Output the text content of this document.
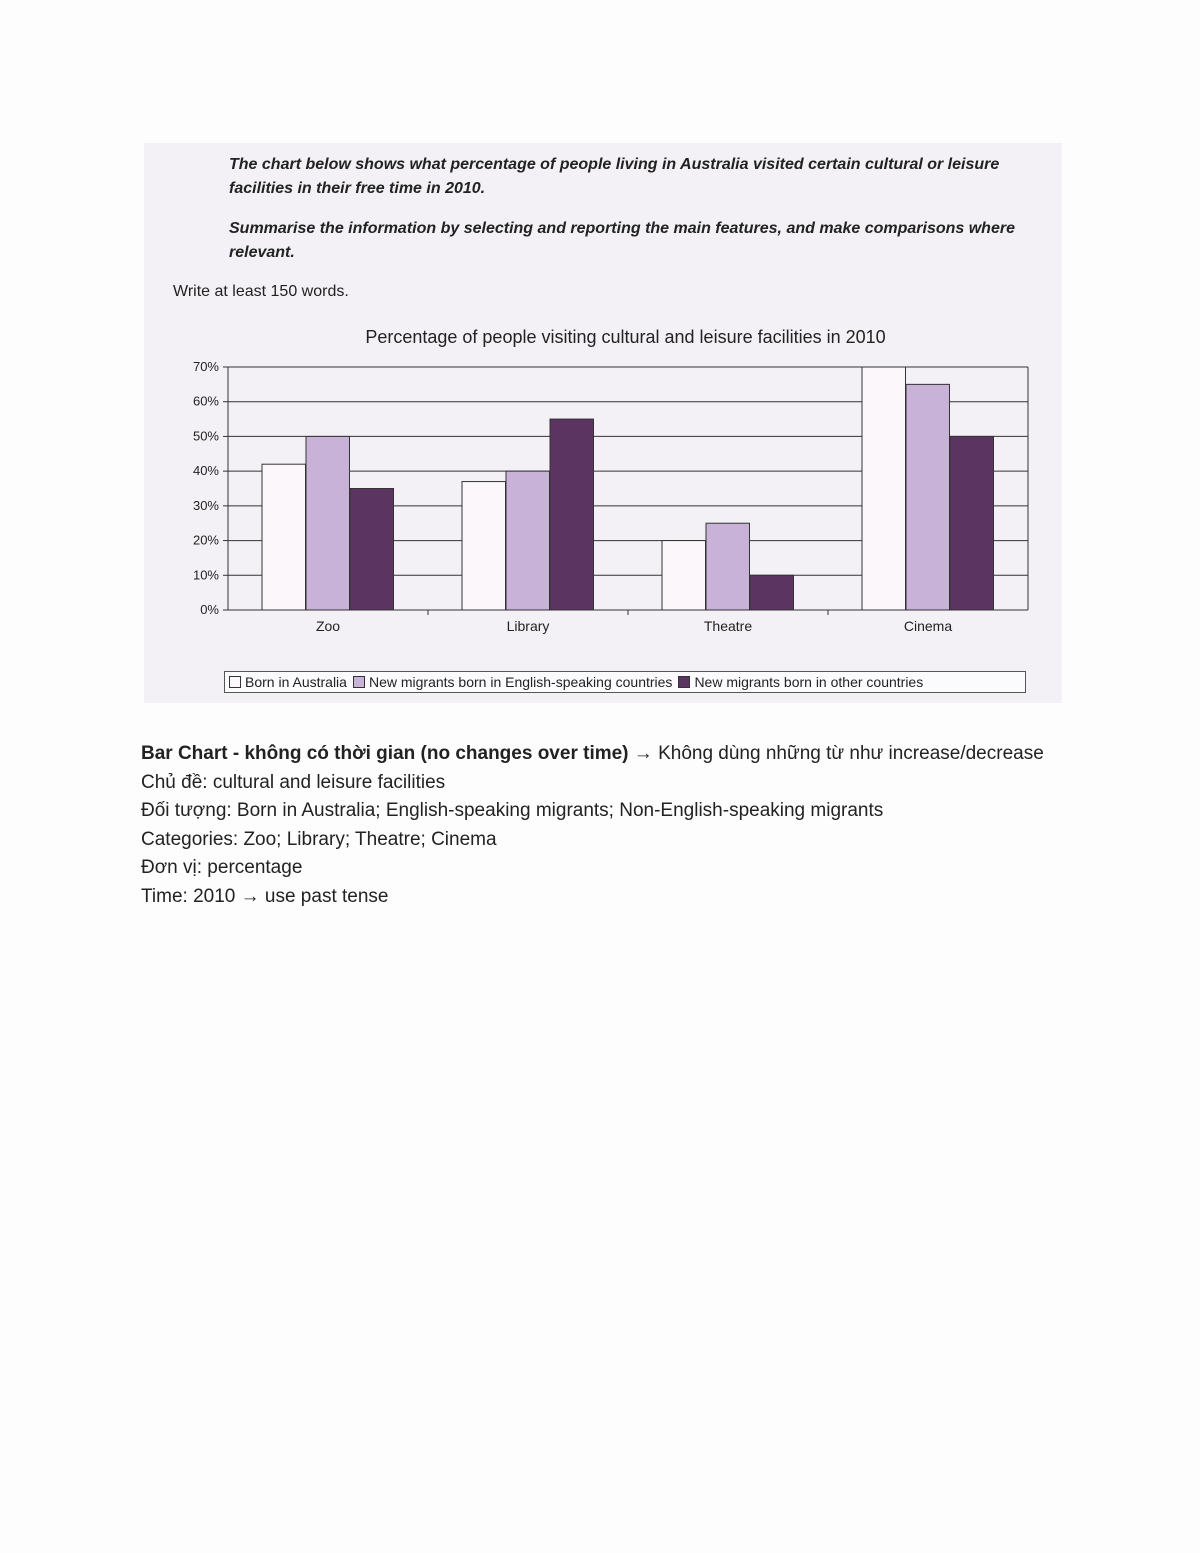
The chart below shows what percentage of people living in Australia visited certain cultural or leisure facilities in their free time in 2010.
Summarise the information by selecting and reporting the main features, and make comparisons where relevant.
Write at least 150 words.
Percentage of people visiting cultural and leisure facilities in 2010
0%
10%
20%
30%
40%
50%
60%
70%
Zoo	Library	Theatre	Cinema
Born in Australia New migrants born in English-speaking countries New migrants born in other countries

Bar Chart - không có thời gian (no changes over time) → Không dùng những từ như increase/decrease

Chủ đề: cultural and leisure facilities

Đối tượng: Born in Australia; English-speaking migrants; Non-English-speaking migrants

Categories: Zoo; Library; Theatre; Cinema

Đơn vị: percentage

Time: 2010 → use past tense
